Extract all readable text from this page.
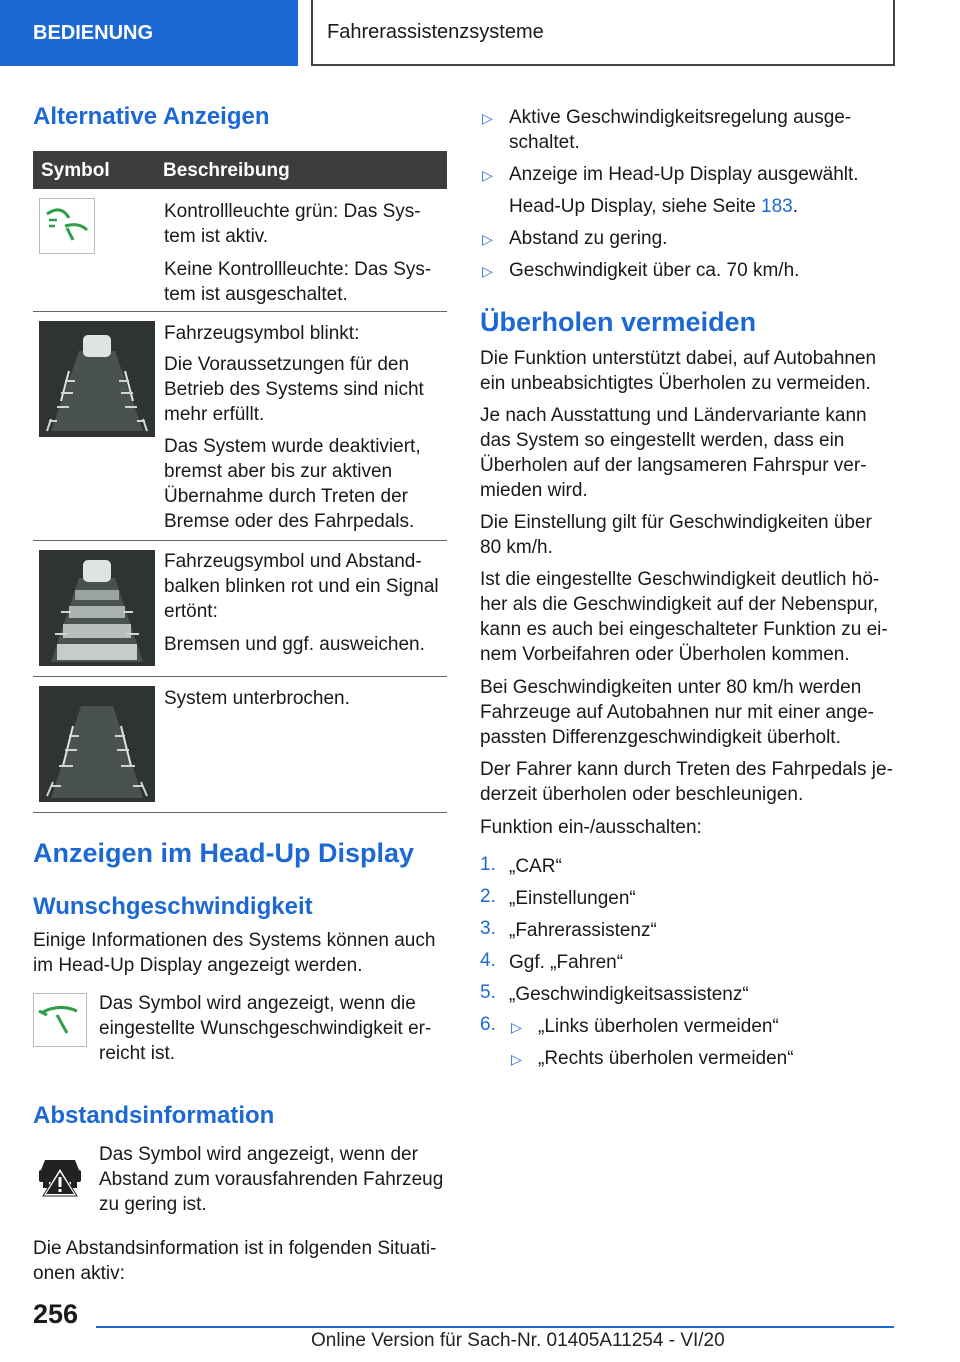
BEDIENUNG	Fahrerassistenzsysteme
Alternative Anzeigen
Symbol	Beschreibung

Kontrollleuchte grün: Das Sys-
tem ist aktiv.

Keine Kontrollleuchte: Das Sys-
tem ist ausgeschaltet.

Fahrzeugsymbol blinkt:

Die Voraussetzungen für den
Betrieb des Systems sind nicht
mehr erfüllt.

Das System wurde deaktiviert,
bremst aber bis zur aktiven
Übernahme durch Treten der
Bremse oder des Fahrpedals.

Fahrzeugsymbol und Abstand-
balken blinken rot und ein Signal
ertönt:

Bremsen und ggf. ausweichen.

System unterbrochen.

Anzeigen im Head-Up Display
Wunschgeschwindigkeit

Einige Informationen des Systems können auch
im Head-Up Display angezeigt werden.

Das Symbol wird angezeigt, wenn die
eingestellte Wunschgeschwindigkeit er-
reicht ist.

Abstandsinformation

Das Symbol wird angezeigt, wenn der
Abstand zum vorausfahrenden Fahrzeug
zu gering ist.

Die Abstandsinformation ist in folgenden Situati-
onen aktiv:

▷ Aktive Geschwindigkeitsregelung ausge-
schaltet.

▷ Anzeige im Head-Up Display ausgewählt.

Head-Up Display, siehe Seite 183.

▷ Abstand zu gering.

▷ Geschwindigkeit über ca. 70 km/h.

Überholen vermeiden

Die Funktion unterstützt dabei, auf Autobahnen
ein unbeabsichtigtes Überholen zu vermeiden.

Je nach Ausstattung und Ländervariante kann
das System so eingestellt werden, dass ein
Überholen auf der langsameren Fahrspur ver-
mieden wird.

Die Einstellung gilt für Geschwindigkeiten über
80 km/h.

Ist die eingestellte Geschwindigkeit deutlich hö-
her als die Geschwindigkeit auf der Nebenspur,
kann es auch bei eingeschalteter Funktion zu ei-
nem Vorbeifahren oder Überholen kommen.

Bei Geschwindigkeiten unter 80 km/h werden
Fahrzeuge auf Autobahnen nur mit einer ange-
passten Differenzgeschwindigkeit überholt.

Der Fahrer kann durch Treten des Fahrpedals je-
derzeit überholen oder beschleunigen.

Funktion ein-/ausschalten:

1. „CAR“

2. „Einstellungen“

3. „Fahrerassistenz“

4. Ggf. „Fahren“

5. „Geschwindigkeitsassistenz“

6. ▷ „Links überholen vermeiden“

▷ „Rechts überholen vermeiden“

256
Online Version für Sach-Nr. 01405A11254 - VI/20
